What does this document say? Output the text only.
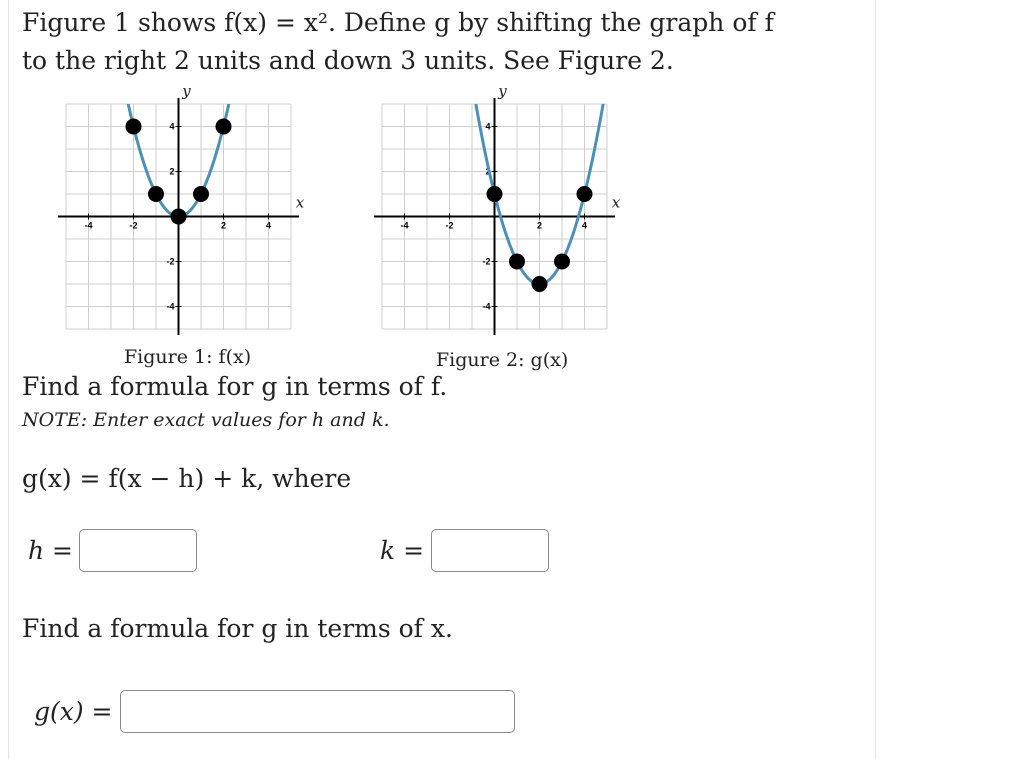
Figure 1 shows f(x) = x². Define g by shifting the graph of f
to the right 2 units and down 3 units. See Figure 2.
-4	-2	2	4
4
2
-2
-4
y
x
Figure 1: f(x)
-4	-2	2	4
4
2
-2
-4
y
x
Figure 2: g(x)
Find a formula for g in terms of f.
NOTE: Enter exact values for h and k.
g(x) = f(x − h) + k, where
h =	k =
Find a formula for g in terms of x.
g(x) =
